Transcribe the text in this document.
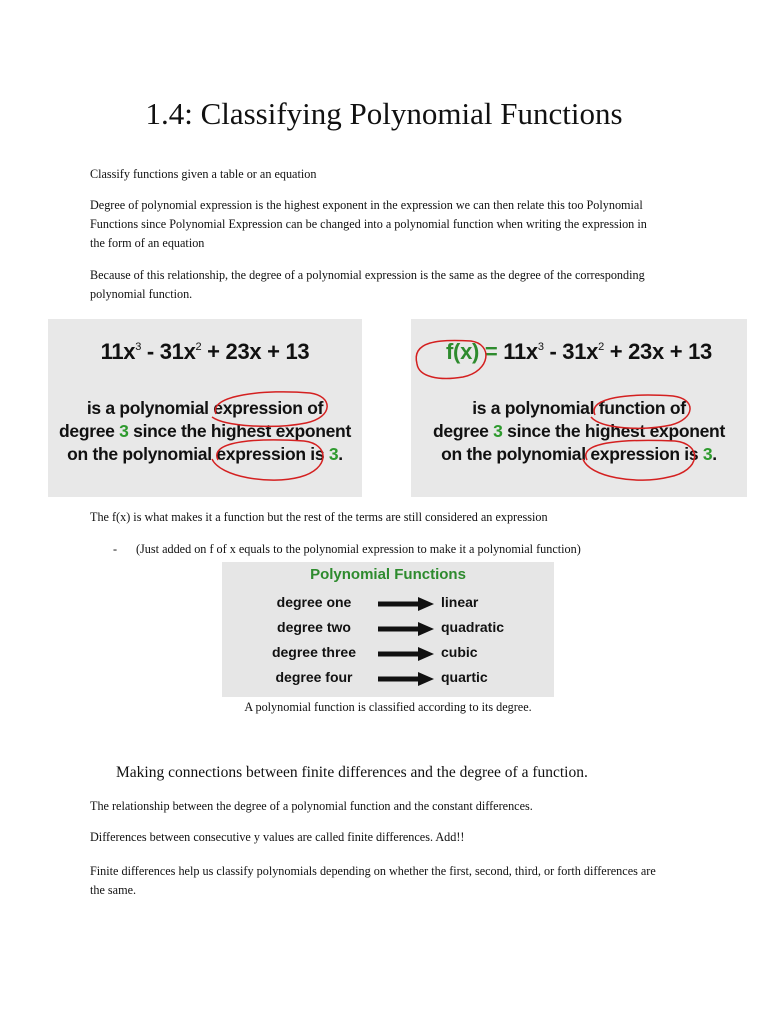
1.4: Classifying Polynomial Functions

Classify functions given a table or an equation

Degree of polynomial expression is the highest exponent in the expression we can then relate this too Polynomial Functions since Polynomial Expression can be changed into a polynomial function when writing the expression in the form of an equation

Because of this relationship, the degree of a polynomial expression is the same as the degree of the corresponding polynomial function.

$11x^3 - 31x^2 + 23x + 13$
is a polynomial expression of
degree 3 since the highest exponent
on the polynomial expression is 3.
$f(x) = 11x^3 - 31x^2 + 23x + 13$
is a polynomial function of
degree 3 since the highest exponent
on the polynomial expression is 3.

The f(x) is what makes it a function but the rest of the terms are still considered an expression

- (Just added on f of x equals to the polynomial expression to make it a polynomial function)

Polynomial Functions
degree one	linear
degree two	quadratic
degree three	cubic
degree four	quartic

A polynomial function is classified according to its degree.

Making connections between finite differences and the degree of a function.

The relationship between the degree of a polynomial function and the constant differences.

Differences between consecutive y values are called finite differences. Add!!

Finite differences help us classify polynomials depending on whether the first, second, third, or forth differences are the same.
